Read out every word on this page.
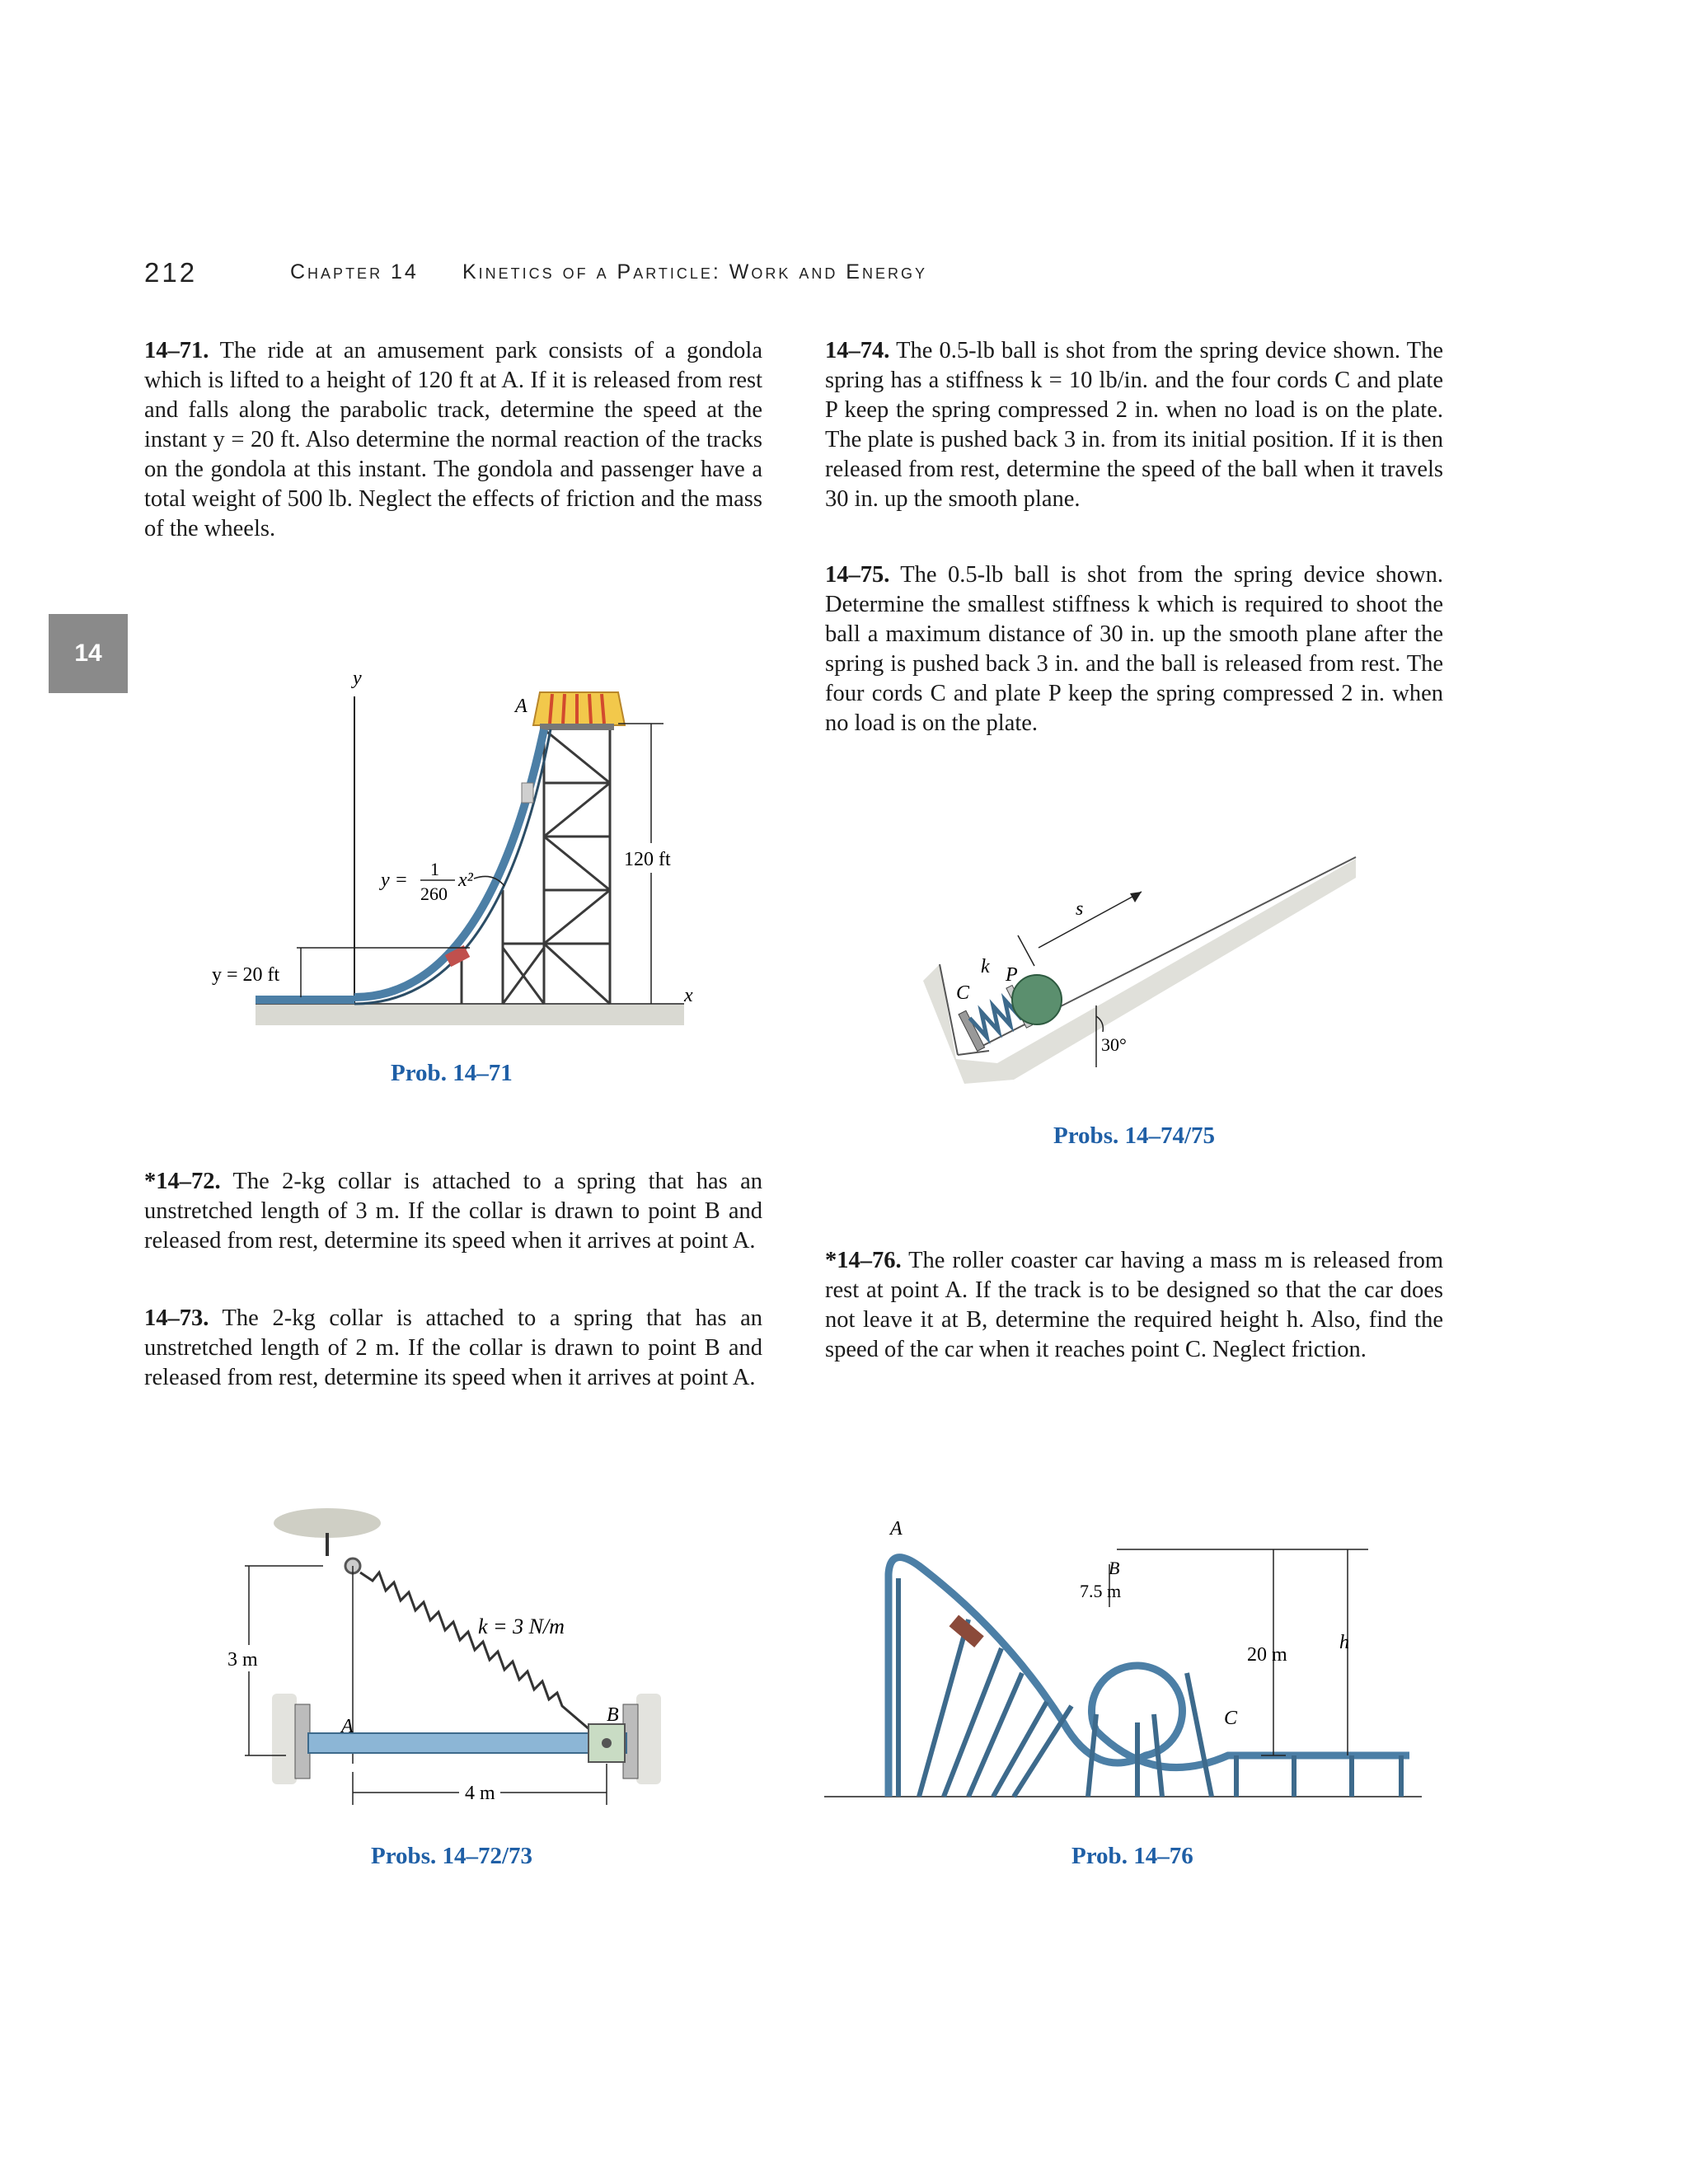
212	Chapter 14 Kinetics of a Particle: Work and Energy
14
14–71. The ride at an amusement park consists of a gondola which is lifted to a height of 120 ft at A. If it is released from rest and falls along the parabolic track, determine the speed at the instant y = 20 ft. Also determine the normal reaction of the tracks on the gondola at this instant. The gondola and passenger have a total weight of 500 lb. Neglect the effects of friction and the mass of the wheels.
*14–72. The 2-kg collar is attached to a spring that has an unstretched length of 3 m. If the collar is drawn to point B and released from rest, determine its speed when it arrives at point A.
14–73. The 2-kg collar is attached to a spring that has an unstretched length of 2 m. If the collar is drawn to point B and released from rest, determine its speed when it arrives at point A.
14–74. The 0.5-lb ball is shot from the spring device shown. The spring has a stiffness k = 10 lb/in. and the four cords C and plate P keep the spring compressed 2 in. when no load is on the plate. The plate is pushed back 3 in. from its initial position. If it is then released from rest, determine the speed of the ball when it travels 30 in. up the smooth plane.
14–75. The 0.5-lb ball is shot from the spring device shown. Determine the smallest stiffness k which is required to shoot the ball a maximum distance of 30 in. up the smooth plane after the spring is pushed back 3 in. and the ball is released from rest. The four cords C and plate P keep the spring compressed 2 in. when no load is on the plate.
*14–76. The roller coaster car having a mass m is released from rest at point A. If the track is to be designed so that the car does not leave it at B, determine the required height h. Also, find the speed of the car when it reaches point C. Neglect friction.
y
A
120 ft
x
y = 20 ft
y =
1
260
x²
Prob. 14–71
k = 3 N/m
A
B
3 m
4 m
Probs. 14–72/73
k
C
P
s
30°
Probs. 14–74/75
A
B
7.5 m
C
20 m
h
Prob. 14–76
